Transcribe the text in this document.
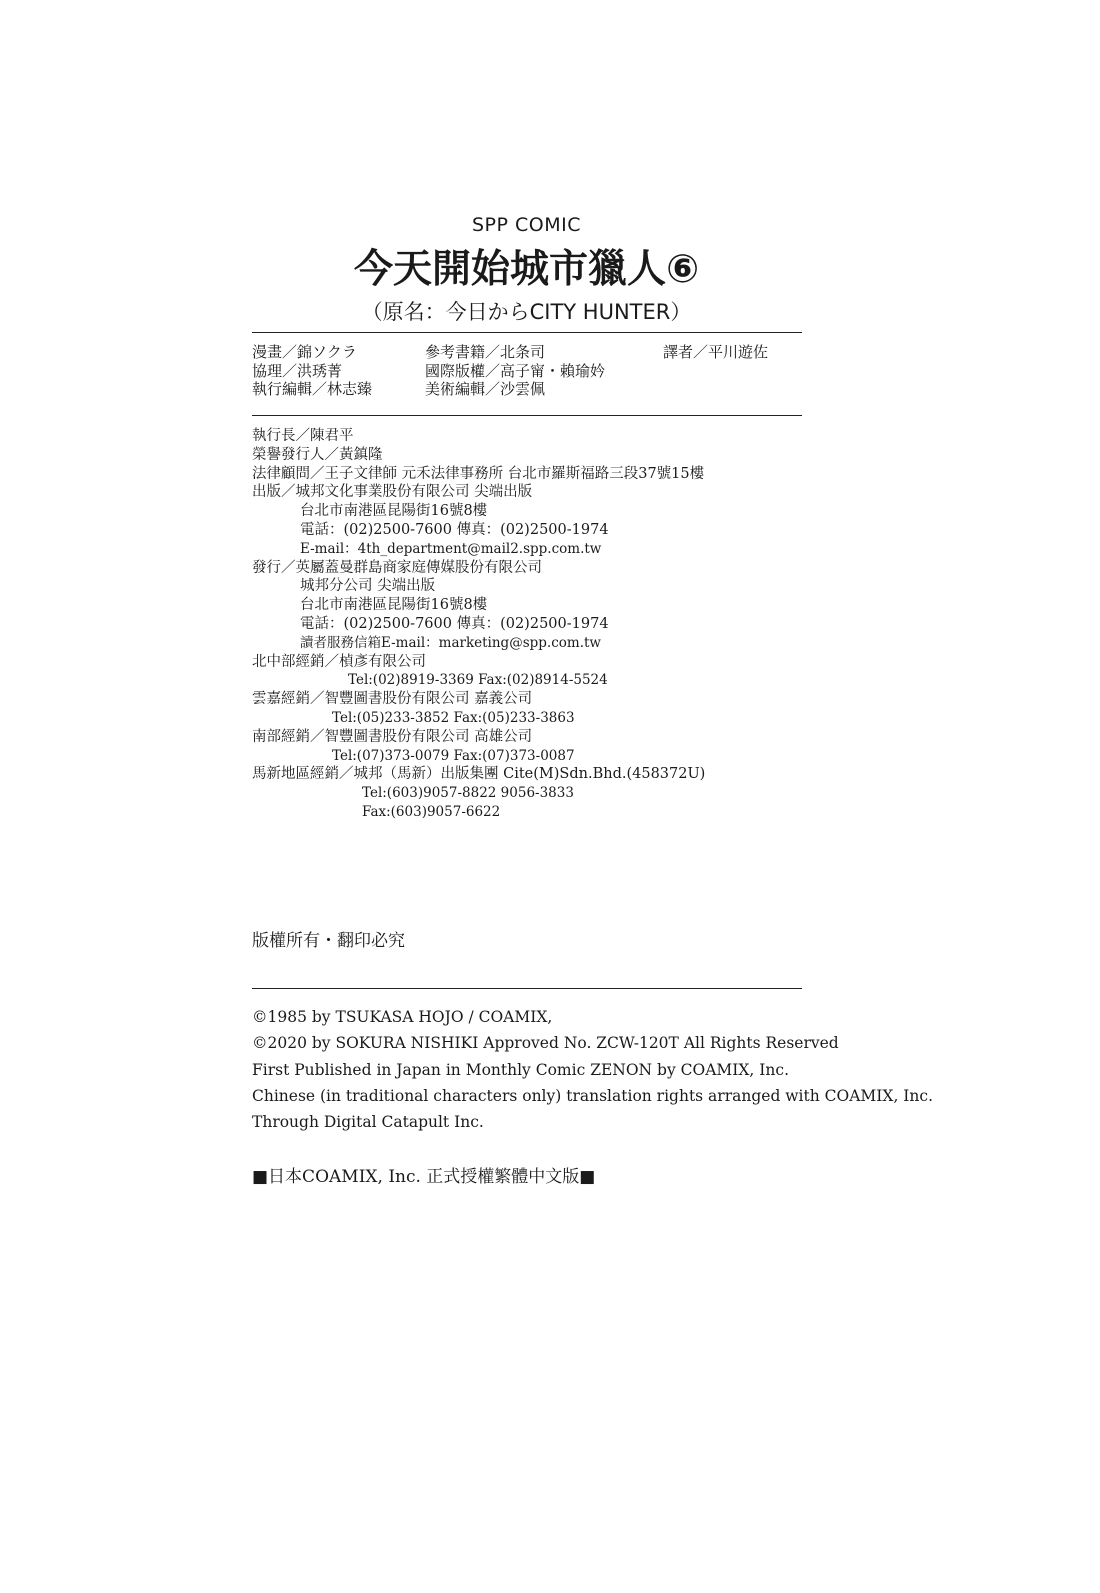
SPP COMIC
今天開始城市獵人⑥
（原名：今日からCITY HUNTER）
漫畫／錦ソクラ
協理／洪琇菁
執行編輯／林志臻
參考書籍／北条司
國際版權／高子甯・賴瑜妗
美術編輯／沙雲佩
譯者／平川遊佐
執行長／陳君平
榮譽發行人／黃鎮隆
法律顧問／王子文律師 元禾法律事務所 台北市羅斯福路三段37號15樓
出版／城邦文化事業股份有限公司 尖端出版
台北市南港區昆陽街16號8樓
電話：(02)2500-7600 傳真：(02)2500-1974
E-mail：4th_department@mail2.spp.com.tw
發行／英屬蓋曼群島商家庭傳媒股份有限公司
城邦分公司 尖端出版
台北市南港區昆陽街16號8樓
電話：(02)2500-7600 傳真：(02)2500-1974
讀者服務信箱E-mail：marketing@spp.com.tw
北中部經銷／楨彥有限公司
Tel:(02)8919-3369 Fax:(02)8914-5524
雲嘉經銷／智豐圖書股份有限公司 嘉義公司
Tel:(05)233-3852 Fax:(05)233-3863
南部經銷／智豐圖書股份有限公司 高雄公司
Tel:(07)373-0079 Fax:(07)373-0087
馬新地區經銷／城邦（馬新）出版集團 Cite(M)Sdn.Bhd.(458372U)
Tel:(603)9057-8822 9056-3833
Fax:(603)9057-6622
版權所有・翻印必究
©1985 by TSUKASA HOJO / COAMIX,
©2020 by SOKURA NISHIKI Approved No. ZCW-120T All Rights Reserved
First Published in Japan in Monthly Comic ZENON by COAMIX, Inc.
Chinese (in traditional characters only) translation rights arranged with COAMIX, Inc.
Through Digital Catapult Inc.
■日本COAMIX, Inc. 正式授權繁體中文版■
